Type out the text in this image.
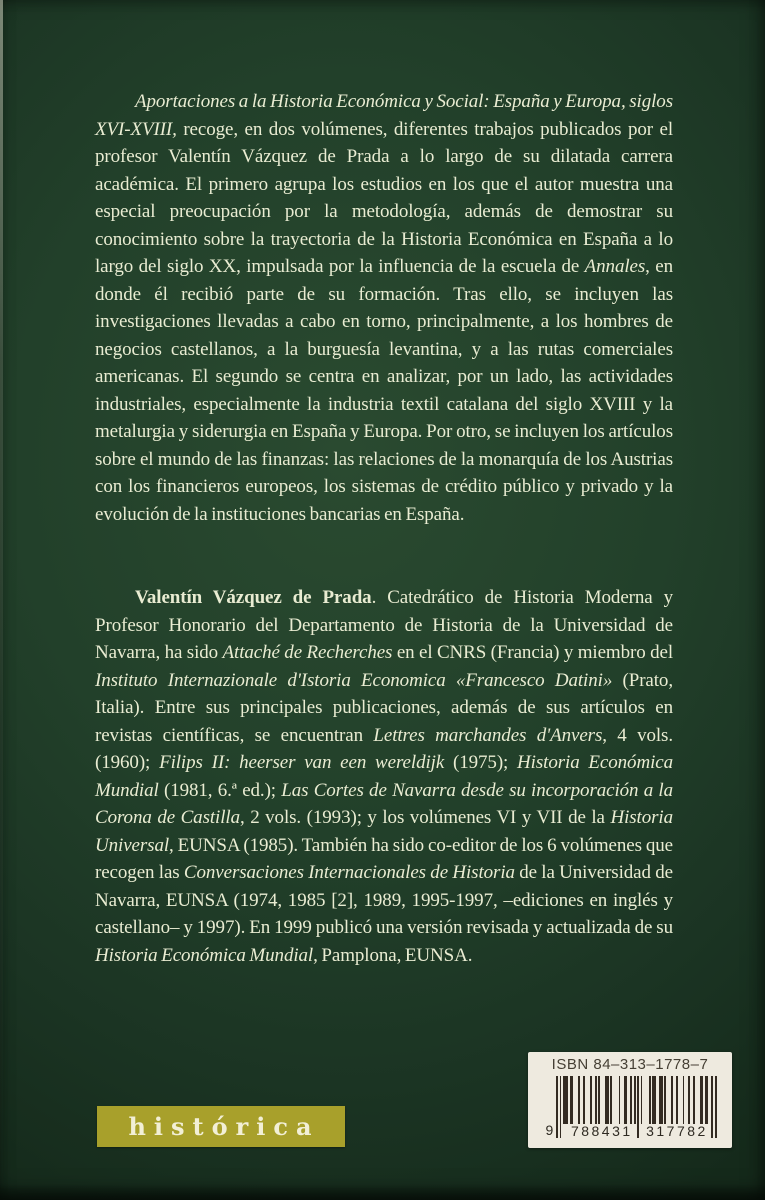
Aportaciones a la Historia Económica y Social: España y Europa, siglos XVI-XVIII, recoge, en dos volúmenes, diferentes trabajos publicados por el profesor Valentín Vázquez de Prada a lo largo de su dilatada carrera académica. El primero agrupa los estudios en los que el autor muestra una especial preocupación por la metodología, además de demostrar su conocimiento sobre la trayectoria de la Historia Económica en España a lo largo del siglo XX, impulsada por la influencia de la escuela de Annales, en donde él recibió parte de su formación. Tras ello, se incluyen las investigaciones llevadas a cabo en torno, principalmente, a los hombres de negocios castellanos, a la burguesía levantina, y a las rutas comerciales americanas. El segundo se centra en analizar, por un lado, las actividades industriales, especialmente la industria textil catalana del siglo XVIII y la metalurgia y siderurgia en España y Europa. Por otro, se incluyen los artículos sobre el mundo de las finanzas: las relaciones de la monarquía de los Austrias con los financieros europeos, los sistemas de crédito público y privado y la evolución de la instituciones bancarias en España.

Valentín Vázquez de Prada. Catedrático de Historia Moderna y Profesor Honorario del Departamento de Historia de la Universidad de Navarra, ha sido Attaché de Recherches en el CNRS (Francia) y miembro del Instituto Internazionale d'Istoria Economica «Francesco Datini» (Prato, Italia). Entre sus principales publicaciones, además de sus artículos en revistas científicas, se encuentran Lettres marchandes d'Anvers, 4 vols. (1960); Filips II: heerser van een wereldijk (1975); Historia Económica Mundial (1981, 6.ª ed.); Las Cortes de Navarra desde su incorporación a la Corona de Castilla, 2 vols. (1993); y los volúmenes VI y VII de la Historia Universal, EUNSA (1985). También ha sido co-editor de los 6 volúmenes que recogen las Conversaciones Internacionales de Historia de la Universidad de Navarra, EUNSA (1974, 1985 [2], 1989, 1995-1997, –ediciones en inglés y castellano– y 1997). En 1999 publicó una versión revisada y actualizada de su Historia Económica Mundial, Pamplona, EUNSA.

histórica
ISBN 84–313–1778–7
9 788431 317782
